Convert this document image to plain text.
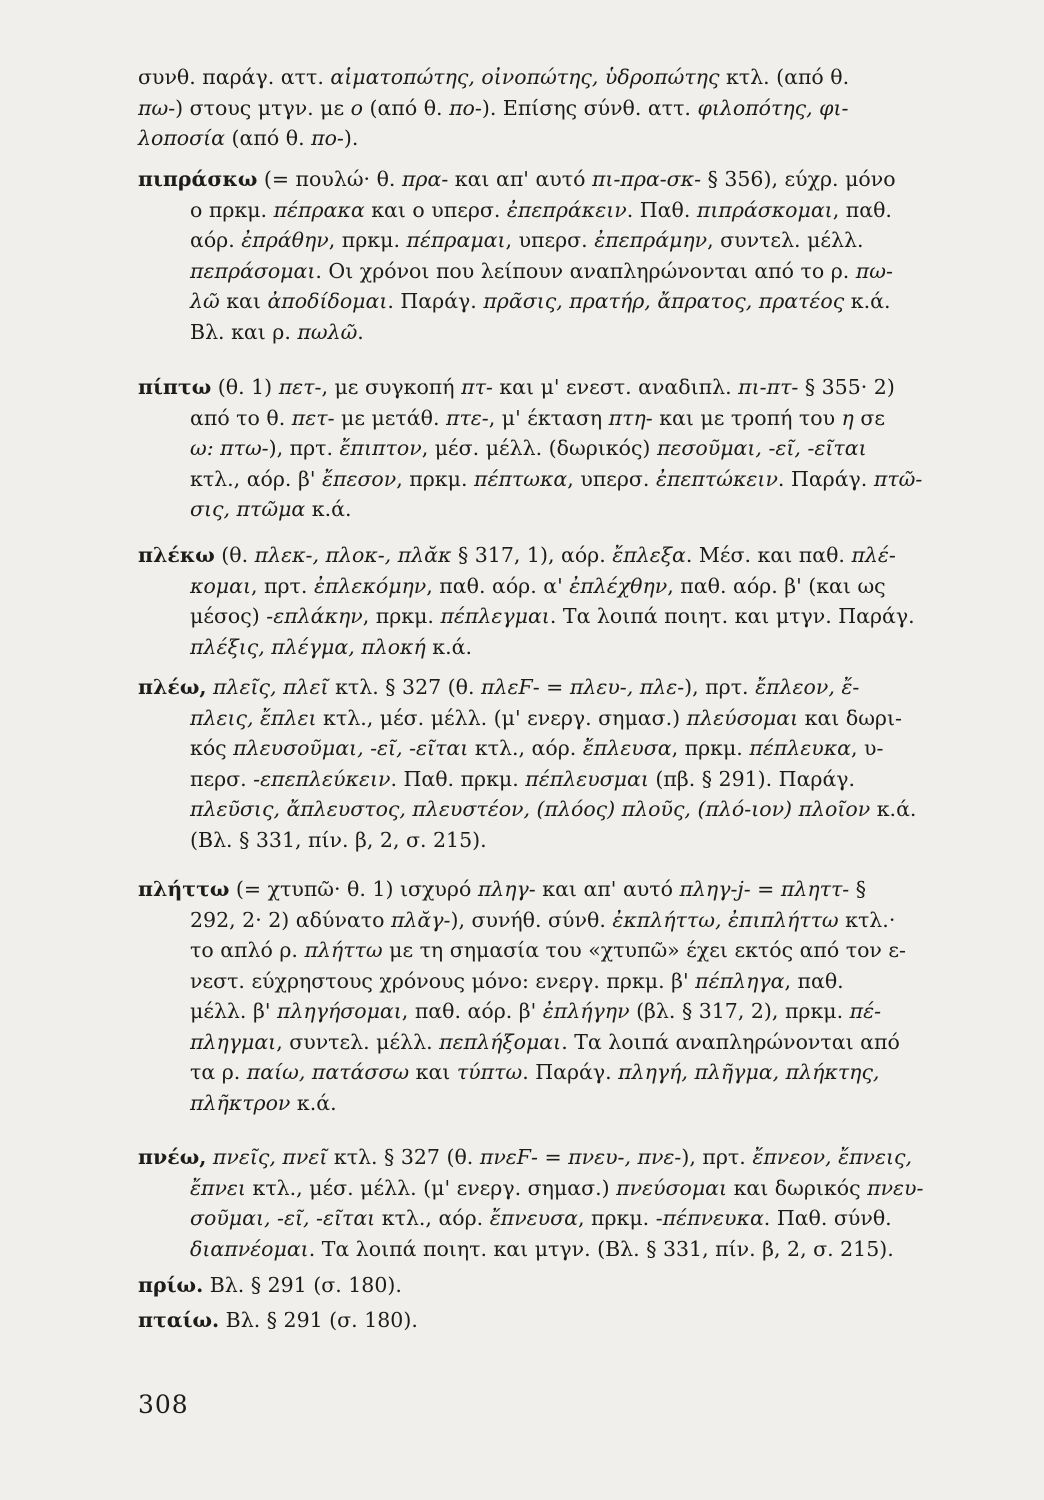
συνθ. παράγ. αττ. αἱματοπώτης, οἰνοπώτης, ὑδροπώτης κτλ. (από θ.
πω-) στους μτγν. με ο (από θ. πο-). Επίσης σύνθ. αττ. φιλοπότης, φι-
λοποσία (από θ. πο-).
πιπράσκω (= πουλώ· θ. πρα- και απ' αυτό πι-πρα-σκ- § 356), εύχρ. μόνο
ο πρκμ. πέπρακα και ο υπερσ. ἐπεπράκειν. Παθ. πιπράσκομαι, παθ.
αόρ. ἐπράθην, πρκμ. πέπραμαι, υπερσ. ἐπεπράμην, συντελ. μέλλ.
πεπράσομαι. Οι χρόνοι που λείπουν αναπληρώνονται από το ρ. πω-
λῶ και ἀποδίδομαι. Παράγ. πρᾶσις, πρατήρ, ἄπρατος, πρατέος κ.ά.
Βλ. και ρ. πωλῶ.
πίπτω (θ. 1) πετ-, με συγκοπή πτ- και μ' ενεστ. αναδιπλ. πι-πτ- § 355· 2)
από το θ. πετ- με μετάθ. πτε-, μ' έκταση πτη- και με τροπή του η σε
ω: πτω-), πρτ. ἔπιπτον, μέσ. μέλλ. (δωρικός) πεσοῦμαι, -εῖ, -εῖται
κτλ., αόρ. β' ἔπεσον, πρκμ. πέπτωκα, υπερσ. ἐπεπτώκειν. Παράγ. πτῶ-
σις, πτῶμα κ.ά.
πλέκω (θ. πλεκ-, πλοκ-, πλᾰκ § 317, 1), αόρ. ἔπλεξα. Μέσ. και παθ. πλέ-
κομαι, πρτ. ἐπλεκόμην, παθ. αόρ. α' ἐπλέχθην, παθ. αόρ. β' (και ως
μέσος) -επλάκην, πρκμ. πέπλεγμαι. Τα λοιπά ποιητ. και μτγν. Παράγ.
πλέξις, πλέγμα, πλοκή κ.ά.
πλέω, πλεῖς, πλεῖ κτλ. § 327 (θ. πλεϜ- = πλευ-, πλε-), πρτ. ἔπλεον, ἔ-
πλεις, ἔπλει κτλ., μέσ. μέλλ. (μ' ενεργ. σημασ.) πλεύσομαι και δωρι-
κός πλευσοῦμαι, -εῖ, -εῖται κτλ., αόρ. ἔπλευσα, πρκμ. πέπλευκα, υ-
περσ. -επεπλεύκειν. Παθ. πρκμ. πέπλευσμαι (πβ. § 291). Παράγ.
πλεῦσις, ἄπλευστος, πλευστέον, (πλόος) πλοῦς, (πλό-ιον) πλοῖον κ.ά.
(Βλ. § 331, πίν. β, 2, σ. 215).
πλήττω (= χτυπῶ· θ. 1) ισχυρό πληγ- και απ' αυτό πληγ-j- = πληττ- §
292, 2· 2) αδύνατο πλᾰγ-), συνήθ. σύνθ. ἐκπλήττω, ἐπιπλήττω κτλ.·
το απλό ρ. πλήττω με τη σημασία του «χτυπῶ» έχει εκτός από τον ε-
νεστ. εύχρηστους χρόνους μόνο: ενεργ. πρκμ. β' πέπληγα, παθ.
μέλλ. β' πληγήσομαι, παθ. αόρ. β' ἐπλήγην (βλ. § 317, 2), πρκμ. πέ-
πληγμαι, συντελ. μέλλ. πεπλήξομαι. Τα λοιπά αναπληρώνονται από
τα ρ. παίω, πατάσσω και τύπτω. Παράγ. πληγή, πλῆγμα, πλήκτης,
πλῆκτρον κ.ά.
πνέω, πνεῖς, πνεῖ κτλ. § 327 (θ. πνεϜ- = πνευ-, πνε-), πρτ. ἔπνεον, ἔπνεις,
ἔπνει κτλ., μέσ. μέλλ. (μ' ενεργ. σημασ.) πνεύσομαι και δωρικός πνευ-
σοῦμαι, -εῖ, -εῖται κτλ., αόρ. ἔπνευσα, πρκμ. -πέπνευκα. Παθ. σύνθ.
διαπνέομαι. Τα λοιπά ποιητ. και μτγν. (Βλ. § 331, πίν. β, 2, σ. 215).
πρίω. Βλ. § 291 (σ. 180).
πταίω. Βλ. § 291 (σ. 180).
308
